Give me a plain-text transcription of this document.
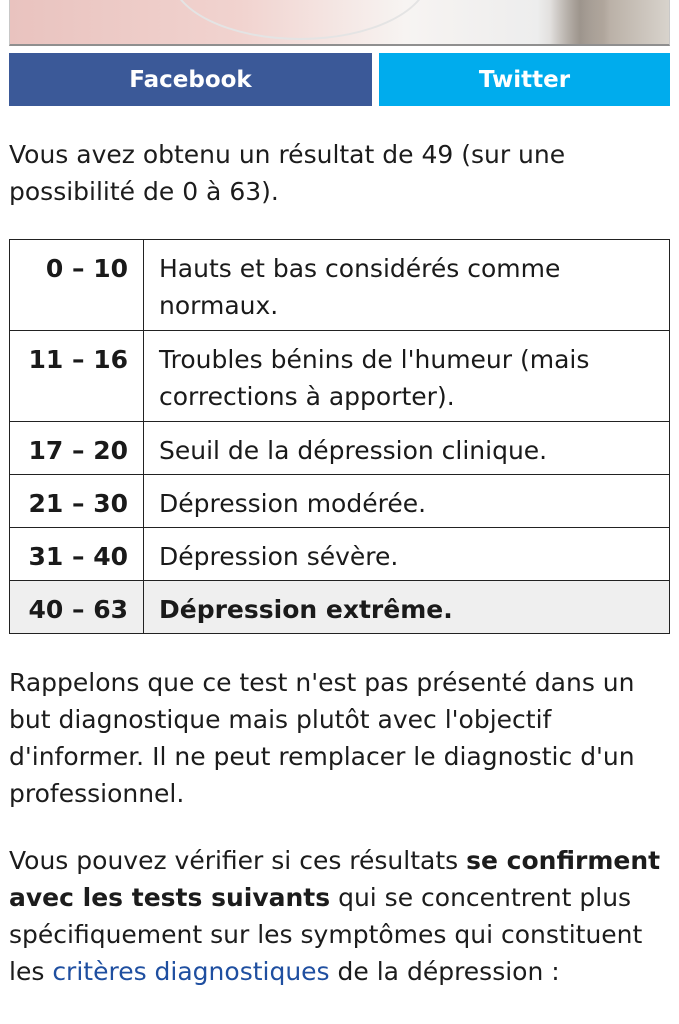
Facebook	Twitter

Vous avez obtenu un résultat de 49 (sur une possibilité de 0 à 63).

0 – 10	Hauts et bas considérés comme normaux.
11 – 16	Troubles bénins de l'humeur (mais corrections à apporter).
17 – 20	Seuil de la dépression clinique.
21 – 30	Dépression modérée.
31 – 40	Dépression sévère.
40 – 63	Dépression extrême.

Rappelons que ce test n'est pas présenté dans un but diagnostique mais plutôt avec l'objectif d'informer. Il ne peut remplacer le diagnostic d'un professionnel.

Vous pouvez vérifier si ces résultats se confirment avec les tests suivants qui se concentrent plus spécifiquement sur les symptômes qui constituent les critères diagnostiques de la dépression :
